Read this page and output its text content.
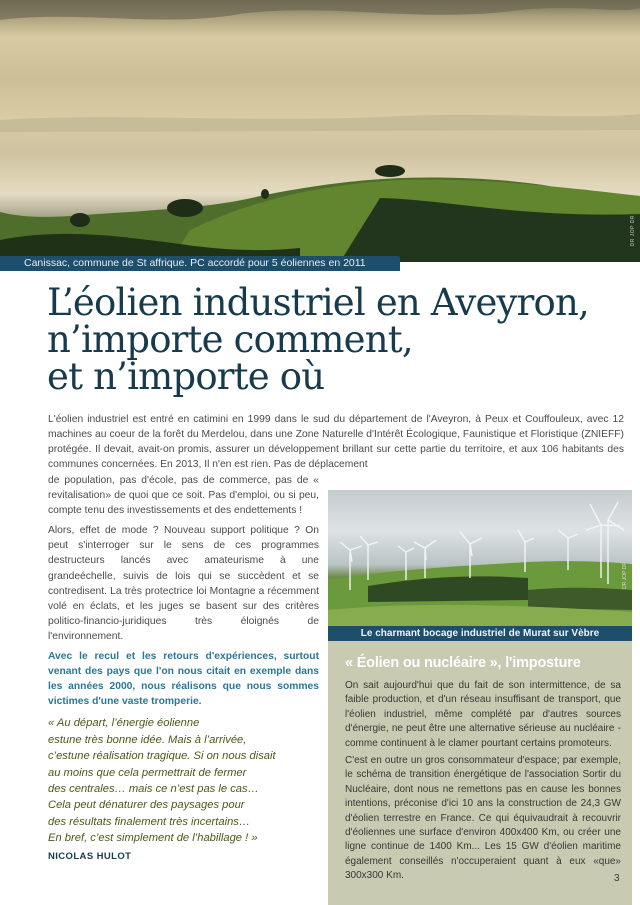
DR JOP DR
Canissac, commune de St affrique. PC accordé pour 5 éoliennes en 2011
L’éolien industriel en Aveyron,
n’importe comment,
et n’importe où

L'éolien industriel est entré en catimini en 1999 dans le sud du département de l'Aveyron, à Peux et Couffouleux, avec 12 machines au coeur de la forêt du Merdelou, dans une Zone Naturelle d'Intérêt Écologique, Faunistique et Floristique (ZNIEFF) protégée. Il devait, avait-on promis, assurer un développement brillant sur cette partie du territoire, et aux 106 habitants des communes concernées. En 2013, Il n'en est rien. Pas de déplacement

de population, pas d'école, pas de commerce, pas de « revitalisation» de quoi que ce soit. Pas d'emploi, ou si peu, compte tenu des investissements et des endettements !

Alors, effet de mode ? Nouveau support politique ? On peut s'interroger sur le sens de ces programmes destructeurs lancés avec amateurisme à une grandeéchelle, suivis de lois qui se succèdent et se contredisent. La très protectrice loi Montagne a récemment volé en éclats, et les juges se basent sur des critères politico-financio-juridiques très éloignés de l'environnement.

Avec le recul et les retours d'expériences, surtout venant des pays que l'on nous citait en exemple dans les années 2000, nous réalisons que nous sommes victimes d'une vaste tromperie.

« Au départ, l’énergie éolienne
estune très bonne idée. Mais à l’arrivée,
c’estune réalisation tragique. Si on nous disait
au moins que cela permettrait de fermer
des centrales… mais ce n’est pas le cas…
Cela peut dénaturer des paysages pour
des résultats finalement très incertains…
En bref, c’est simplement de l’habillage ! »
NICOLAS HULOT
DR JOP DR
Le charmant bocage industriel de Murat sur Vèbre
« Éolien ou nucléaire », l'imposture

On sait aujourd'hui que du fait de son intermittence, de sa faible production, et d'un réseau insuffisant de transport, que l'éolien industriel, même complété par d'autres sources d'énergie, ne peut être une alternative sérieuse au nucléaire - comme continuent à le clamer pourtant certains promoteurs.

C'est en outre un gros consommateur d'espace; par exemple, le schéma de transition énergétique de l'association Sortir du Nucléaire, dont nous ne remettons pas en cause les bonnes intentions, préconise d'ici 10 ans la construction de 24,3 GW d'éolien terrestre en France. Ce qui équivaudrait à recouvrir d'éoliennes une surface d'environ 400x400 Km, ou créer une ligne continue de 1400 Km... Les 15 GW d'éolien maritime également conseillés n'occuperaient quant à eux «que» 300x300 Km.	3
